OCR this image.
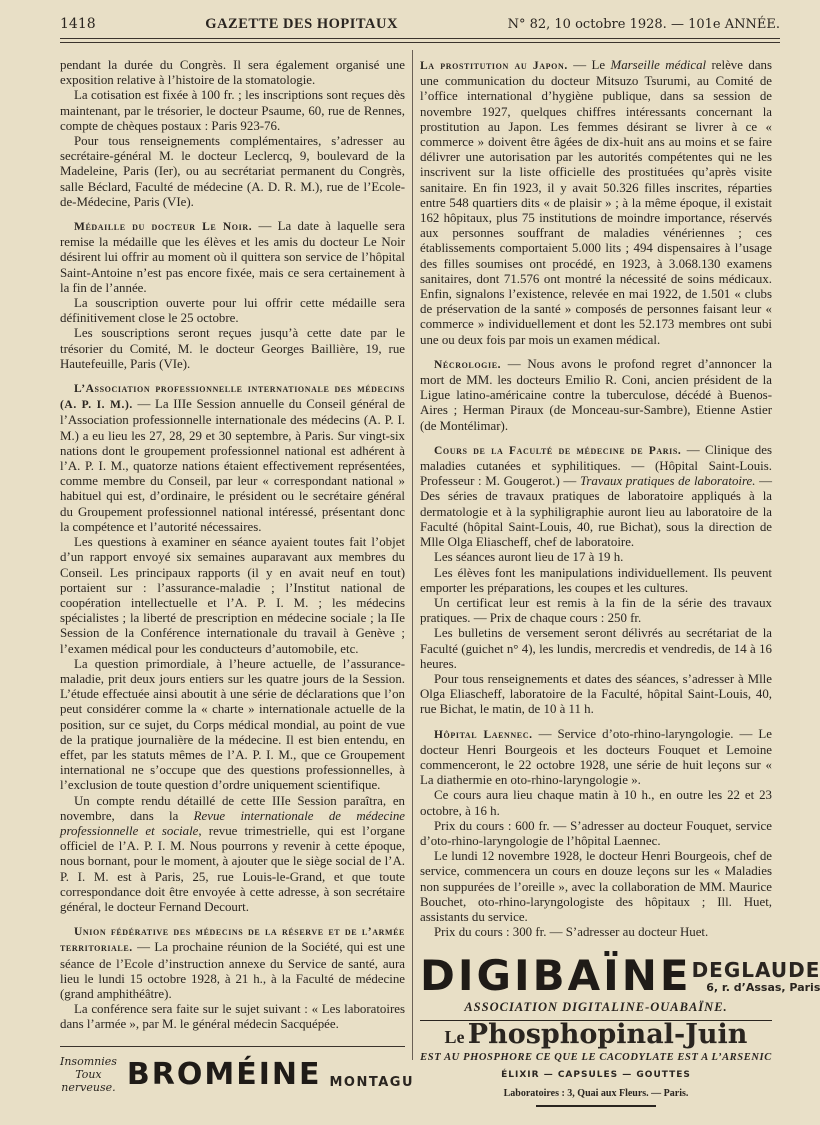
1418	GAZETTE DES HOPITAUX	N° 82, 10 octobre 1928. — 101e ANNÉE.

pendant la durée du Congrès. Il sera également organisé une exposition relative à l’histoire de la stomatologie.

La cotisation est fixée à 100 fr. ; les inscriptions sont reçues dès maintenant, par le trésorier, le docteur Psaume, 60, rue de Rennes, compte de chèques postaux : Paris 923-76.

Pour tous renseignements complémentaires, s’adresser au secrétaire-général M. le docteur Leclercq, 9, boulevard de la Madeleine, Paris (Ier), ou au secrétariat permanent du Congrès, salle Béclard, Faculté de médecine (A. D. R. M.), rue de l’Ecole-de-Médecine, Paris (VIe).

Médaille du docteur Le Noir. — La date à laquelle sera remise la médaille que les élèves et les amis du docteur Le Noir désirent lui offrir au moment où il quittera son service de l’hôpital Saint-Antoine n’est pas encore fixée, mais ce sera certainement à la fin de l’année.

La souscription ouverte pour lui offrir cette médaille sera définitivement close le 25 octobre.

Les souscriptions seront reçues jusqu’à cette date par le trésorier du Comité, M. le docteur Georges Baillière, 19, rue Hautefeuille, Paris (VIe).

L’Association professionnelle internationale des médecins (A. P. I. M.). — La IIIe Session annuelle du Conseil général de l’Association professionnelle internationale des médecins (A. P. I. M.) a eu lieu les 27, 28, 29 et 30 septembre, à Paris. Sur vingt-six nations dont le groupement professionnel national est adhérent à l’A. P. I. M., quatorze nations étaient effectivement représentées, comme membre du Conseil, par leur « correspondant national » habituel qui est, d’ordinaire, le président ou le secrétaire général du Groupement professionnel national intéressé, présentant donc la compétence et l’autorité nécessaires.

Les questions à examiner en séance ayaient toutes fait l’objet d’un rapport envoyé six semaines auparavant aux membres du Conseil. Les principaux rapports (il y en avait neuf en tout) portaient sur : l’assurance-maladie ; l’Institut national de coopération intellectuelle et l’A. P. I. M. ; les médecins spécialistes ; la liberté de prescription en médecine sociale ; la IIe Session de la Conférence internationale du travail à Genève ; l’examen médical pour les conducteurs d’automobile, etc.

La question primordiale, à l’heure actuelle, de l’assurance-maladie, prit deux jours entiers sur les quatre jours de la Session. L’étude effectuée ainsi aboutit à une série de déclarations que l’on peut considérer comme la « charte » internationale actuelle de la position, sur ce sujet, du Corps médical mondial, au point de vue de la pratique journalière de la médecine. Il est bien entendu, en effet, par les statuts mêmes de l’A. P. I. M., que ce Groupement international ne s’occupe que des questions professionnelles, à l’exclusion de toute question d’ordre uniquement scientifique.

Un compte rendu détaillé de cette IIIe Session paraîtra, en novembre, dans la Revue internationale de médecine professionnelle et sociale, revue trimestrielle, qui est l’organe officiel de l’A. P. I. M. Nous pourrons y revenir à cette époque, nous bornant, pour le moment, à ajouter que le siège social de l’A. P. I. M. est à Paris, 25, rue Louis-le-Grand, et que toute correspondance doit être envoyée à cette adresse, à son secrétaire général, le docteur Fernand Decourt.

Union fédérative des médecins de la réserve et de l’armée territoriale. — La prochaine réunion de la Société, qui est une séance de l’Ecole d’instruction annexe du Service de santé, aura lieu le lundi 15 octobre 1928, à 21 h., à la Faculté de médecine (grand amphithéâtre).

La conférence sera faite sur le sujet suivant : « Les laboratoires dans l’armée », par M. le général médecin Sacquépée.

La prostitution au Japon. — Le Marseille médical relève dans une communication du docteur Mitsuzo Tsurumi, au Comité de l’office international d’hygiène publique, dans sa session de novembre 1927, quelques chiffres intéressants concernant la prostitution au Japon. Les femmes désirant se livrer à ce « commerce » doivent être âgées de dix-huit ans au moins et se faire délivrer une autorisation par les autorités compétentes qui ne les inscrivent sur la liste officielle des prostituées qu’après visite sanitaire. En fin 1923, il y avait 50.326 filles inscrites, réparties entre 548 quartiers dits « de plaisir » ; à la même époque, il existait 162 hôpitaux, plus 75 institutions de moindre importance, réservés aux personnes souffrant de maladies vénériennes ; ces établissements comportaient 5.000 lits ; 494 dispensaires à l’usage des filles soumises ont procédé, en 1923, à 3.068.130 examens sanitaires, dont 71.576 ont montré la nécessité de soins médicaux. Enfin, signalons l’existence, relevée en mai 1922, de 1.501 « clubs de préservation de la santé » composés de personnes faisant leur « commerce » individuellement et dont les 52.173 membres ont subi une ou deux fois par mois un examen médical.

Nécrologie. — Nous avons le profond regret d’annoncer la mort de MM. les docteurs Emilio R. Coni, ancien président de la Ligue latino-américaine contre la tuberculose, décédé à Buenos-Aires ; Herman Piraux (de Monceau-sur-Sambre), Etienne Astier (de Montélimar).

Cours de la Faculté de médecine de Paris. — Clinique des maladies cutanées et syphilitiques. — (Hôpital Saint-Louis. Professeur : M. Gougerot.) — Travaux pratiques de laboratoire. — Des séries de travaux pratiques de laboratoire appliqués à la dermatologie et à la syphiligraphie auront lieu au laboratoire de la Faculté (hôpital Saint-Louis, 40, rue Bichat), sous la direction de Mlle Olga Eliascheff, chef de laboratoire.

Les séances auront lieu de 17 à 19 h.

Les élèves font les manipulations individuellement. Ils peuvent emporter les préparations, les coupes et les cultures.

Un certificat leur est remis à la fin de la série des travaux pratiques. — Prix de chaque cours : 250 fr.

Les bulletins de versement seront délivrés au secrétariat de la Faculté (guichet n° 4), les lundis, mercredis et vendredis, de 14 à 16 heures.

Pour tous renseignements et dates des séances, s’adresser à Mlle Olga Eliascheff, laboratoire de la Faculté, hôpital Saint-Louis, 40, rue Bichat, le matin, de 10 à 11 h.

Hôpital Laennec. — Service d’oto-rhino-laryngologie. — Le docteur Henri Bourgeois et les docteurs Fouquet et Lemoine commenceront, le 22 octobre 1928, une série de huit leçons sur « La diathermie en oto-rhino-laryngologie ».

Ce cours aura lieu chaque matin à 10 h., en outre les 22 et 23 octobre, à 16 h.

Prix du cours : 600 fr. — S’adresser au docteur Fouquet, service d’oto-rhino-laryngologie de l’hôpital Laennec.

Le lundi 12 novembre 1928, le docteur Henri Bourgeois, chef de service, commencera un cours en douze leçons sur les « Maladies non suppurées de l’oreille », avec la collaboration de MM. Maurice Bouchet, oto-rhino-laryngologiste des hôpitaux ; Ill. Huet, assistants du service.

Prix du cours : 300 fr. — S’adresser au docteur Huet.

DIGIBAÏNE DEGLAUDE
6, r. d’Assas, Paris
ASSOCIATION DIGITALINE-OUABAÏNE.
Le Phosphopinal-Juin
EST AU PHOSPHORE CE QUE LE CACODYLATE EST A L’ARSENIC
ÉLIXIR — CAPSULES — GOUTTES
Laboratoires : 3, Quai aux Fleurs. — Paris.
Insomnies
Toux nerveuse. BROMÉINE MONTAGU
